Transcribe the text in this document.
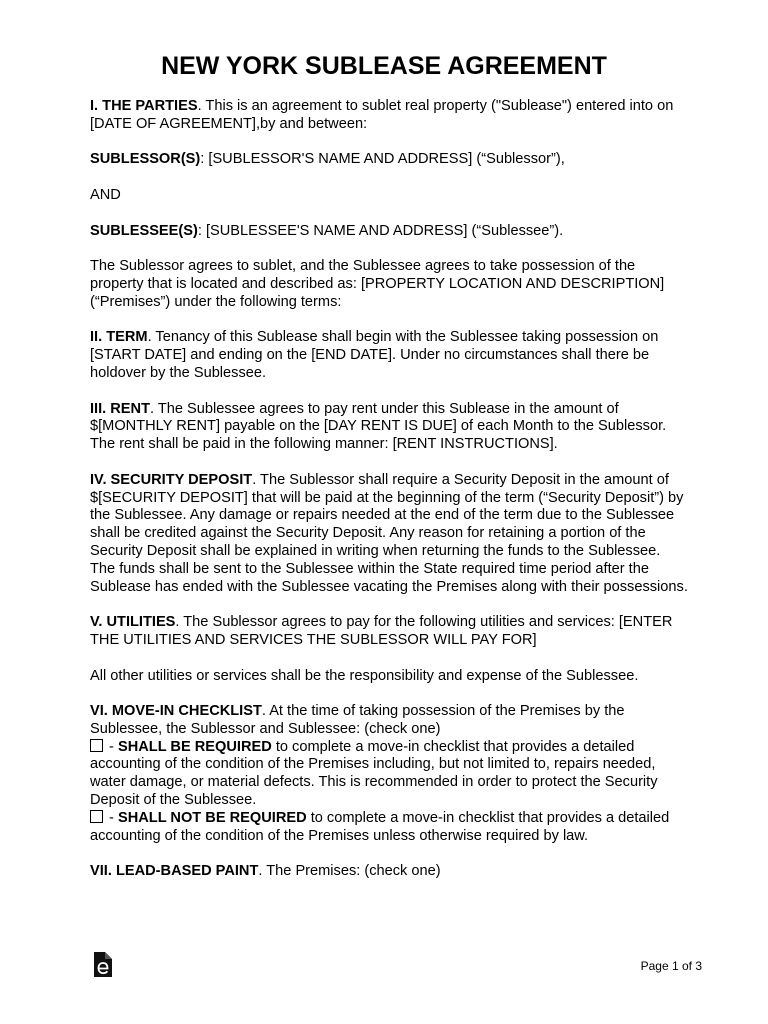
NEW YORK SUBLEASE AGREEMENT

I. THE PARTIES. This is an agreement to sublet real property ("Sublease") entered into on [DATE OF AGREEMENT],by and between:

SUBLESSOR(S): [SUBLESSOR'S NAME AND ADDRESS] (“Sublessor”),

AND

SUBLESSEE(S): [SUBLESSEE'S NAME AND ADDRESS] (“Sublessee”).

The Sublessor agrees to sublet, and the Sublessee agrees to take possession of the property that is located and described as: [PROPERTY LOCATION AND DESCRIPTION] (“Premises”) under the following terms:

II. TERM. Tenancy of this Sublease shall begin with the Sublessee taking possession on [START DATE] and ending on the [END DATE]. Under no circumstances shall there be holdover by the Sublessee.

III. RENT. The Sublessee agrees to pay rent under this Sublease in the amount of $[MONTHLY RENT] payable on the [DAY RENT IS DUE] of each Month to the Sublessor. The rent shall be paid in the following manner: [RENT INSTRUCTIONS].

IV. SECURITY DEPOSIT. The Sublessor shall require a Security Deposit in the amount of $[SECURITY DEPOSIT] that will be paid at the beginning of the term (“Security Deposit”) by the Sublessee. Any damage or repairs needed at the end of the term due to the Sublessee shall be credited against the Security Deposit. Any reason for retaining a portion of the Security Deposit shall be explained in writing when returning the funds to the Sublessee. The funds shall be sent to the Sublessee within the State required time period after the Sublease has ended with the Sublessee vacating the Premises along with their possessions.

V. UTILITIES. The Sublessor agrees to pay for the following utilities and services: [ENTER THE UTILITIES AND SERVICES THE SUBLESSOR WILL PAY FOR]

All other utilities or services shall be the responsibility and expense of the Sublessee.

VI. MOVE-IN CHECKLIST. At the time of taking possession of the Premises by the Sublessee, the Sublessor and Sublessee: (check one)

- SHALL BE REQUIRED to complete a move-in checklist that provides a detailed accounting of the condition of the Premises including, but not limited to, repairs needed, water damage, or material defects. This is recommended in order to protect the Security Deposit of the Sublessee.

- SHALL NOT BE REQUIRED to complete a move-in checklist that provides a detailed accounting of the condition of the Premises unless otherwise required by law.

VII. LEAD-BASED PAINT. The Premises: (check one)

Page 1 of 3
